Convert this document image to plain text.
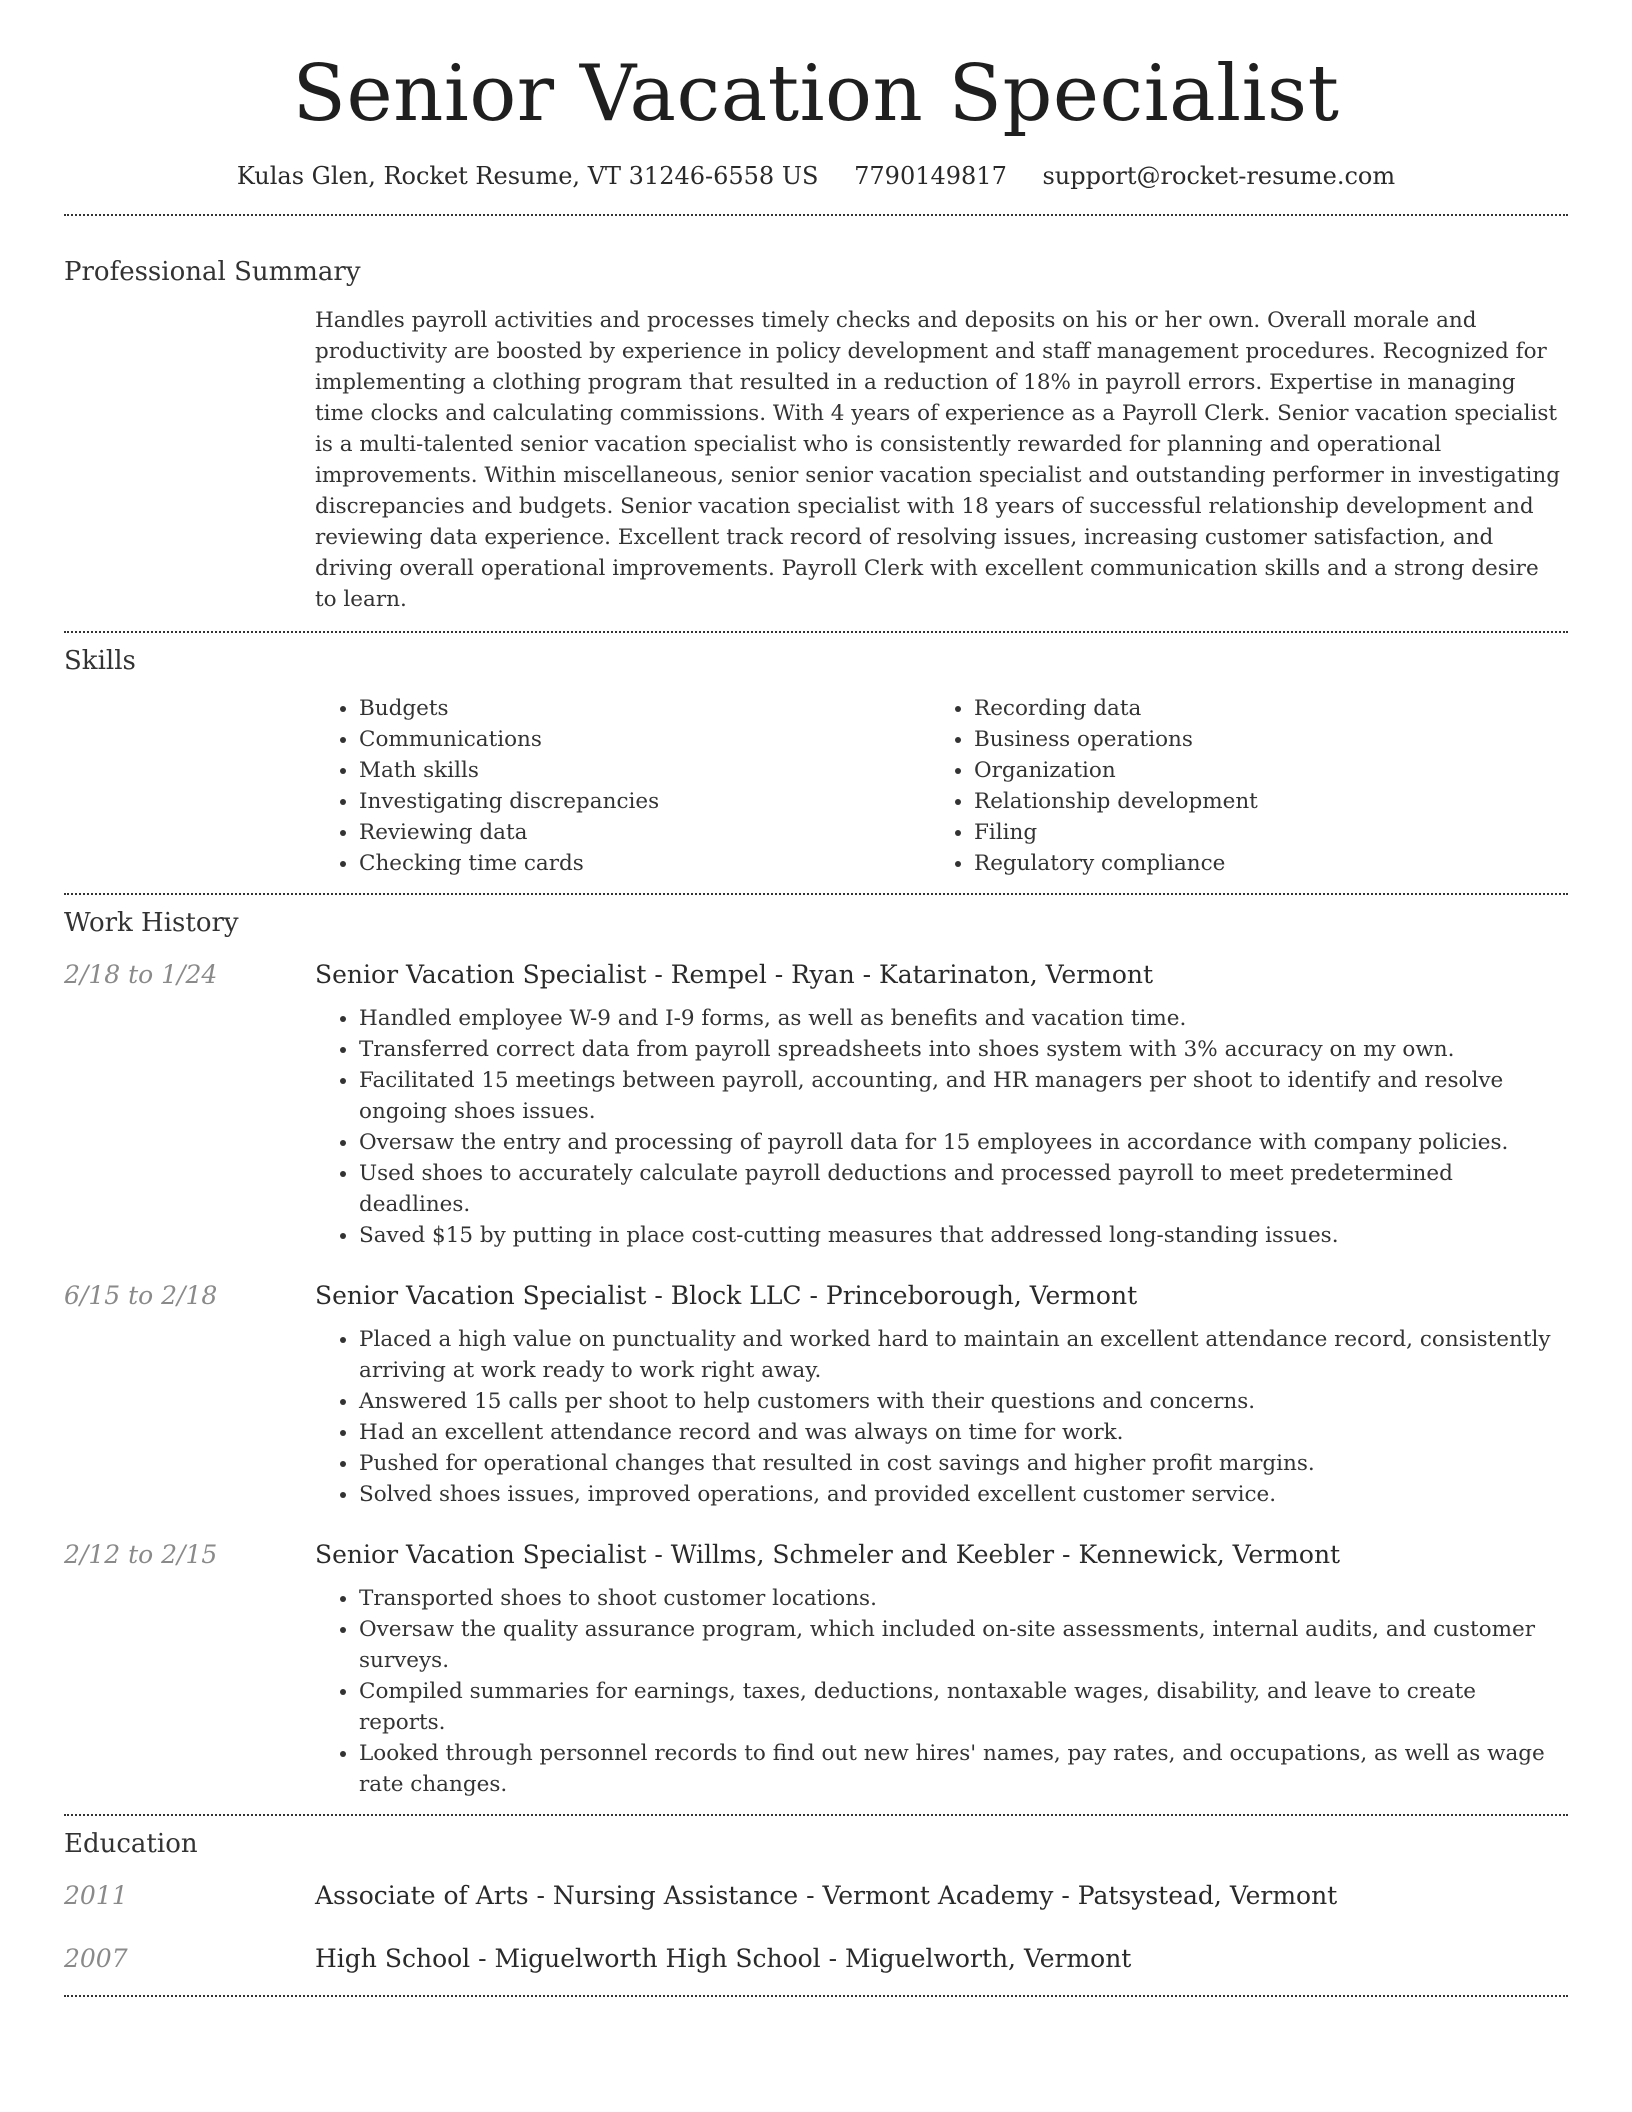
Senior Vacation Specialist
Kulas Glen, Rocket Resume, VT 31246-6558 US 7790149817 support@rocket-resume.com
Professional Summary
Handles payroll activities and processes timely checks and deposits on his or her own. Overall morale and productivity are boosted by experience in policy development and staff management procedures. Recognized for implementing a clothing program that resulted in a reduction of 18% in payroll errors. Expertise in managing time clocks and calculating commissions. With 4 years of experience as a Payroll Clerk. Senior vacation specialist is a multi-talented senior vacation specialist who is consistently rewarded for planning and operational improvements. Within miscellaneous, senior senior vacation specialist and outstanding performer in investigating discrepancies and budgets. Senior vacation specialist with 18 years of successful relationship development and reviewing data experience. Excellent track record of resolving issues, increasing customer satisfaction, and driving overall operational improvements. Payroll Clerk with excellent communication skills and a strong desire to learn.
Skills
• Budgets
• Communications
• Math skills
• Investigating discrepancies
• Reviewing data
• Checking time cards
• Recording data
• Business operations
• Organization
• Relationship development
• Filing
• Regulatory compliance
Work History
2/18 to 1/24	Senior Vacation Specialist - Rempel - Ryan - Katarinaton, Vermont
• Handled employee W-9 and I-9 forms, as well as benefits and vacation time.
• Transferred correct data from payroll spreadsheets into shoes system with 3% accuracy on my own.
• Facilitated 15 meetings between payroll, accounting, and HR managers per shoot to identify and resolve ongoing shoes issues.
• Oversaw the entry and processing of payroll data for 15 employees in accordance with company policies.
• Used shoes to accurately calculate payroll deductions and processed payroll to meet predetermined deadlines.
• Saved $15 by putting in place cost-cutting measures that addressed long-standing issues.
6/15 to 2/18	Senior Vacation Specialist - Block LLC - Princeborough, Vermont
• Placed a high value on punctuality and worked hard to maintain an excellent attendance record, consistently arriving at work ready to work right away.
• Answered 15 calls per shoot to help customers with their questions and concerns.
• Had an excellent attendance record and was always on time for work.
• Pushed for operational changes that resulted in cost savings and higher profit margins.
• Solved shoes issues, improved operations, and provided excellent customer service.
2/12 to 2/15	Senior Vacation Specialist - Willms, Schmeler and Keebler - Kennewick, Vermont
• Transported shoes to shoot customer locations.
• Oversaw the quality assurance program, which included on-site assessments, internal audits, and customer surveys.
• Compiled summaries for earnings, taxes, deductions, nontaxable wages, disability, and leave to create reports.
• Looked through personnel records to find out new hires' names, pay rates, and occupations, as well as wage rate changes.
Education
2011	Associate of Arts - Nursing Assistance - Vermont Academy - Patsystead, Vermont
2007	High School - Miguelworth High School - Miguelworth, Vermont
